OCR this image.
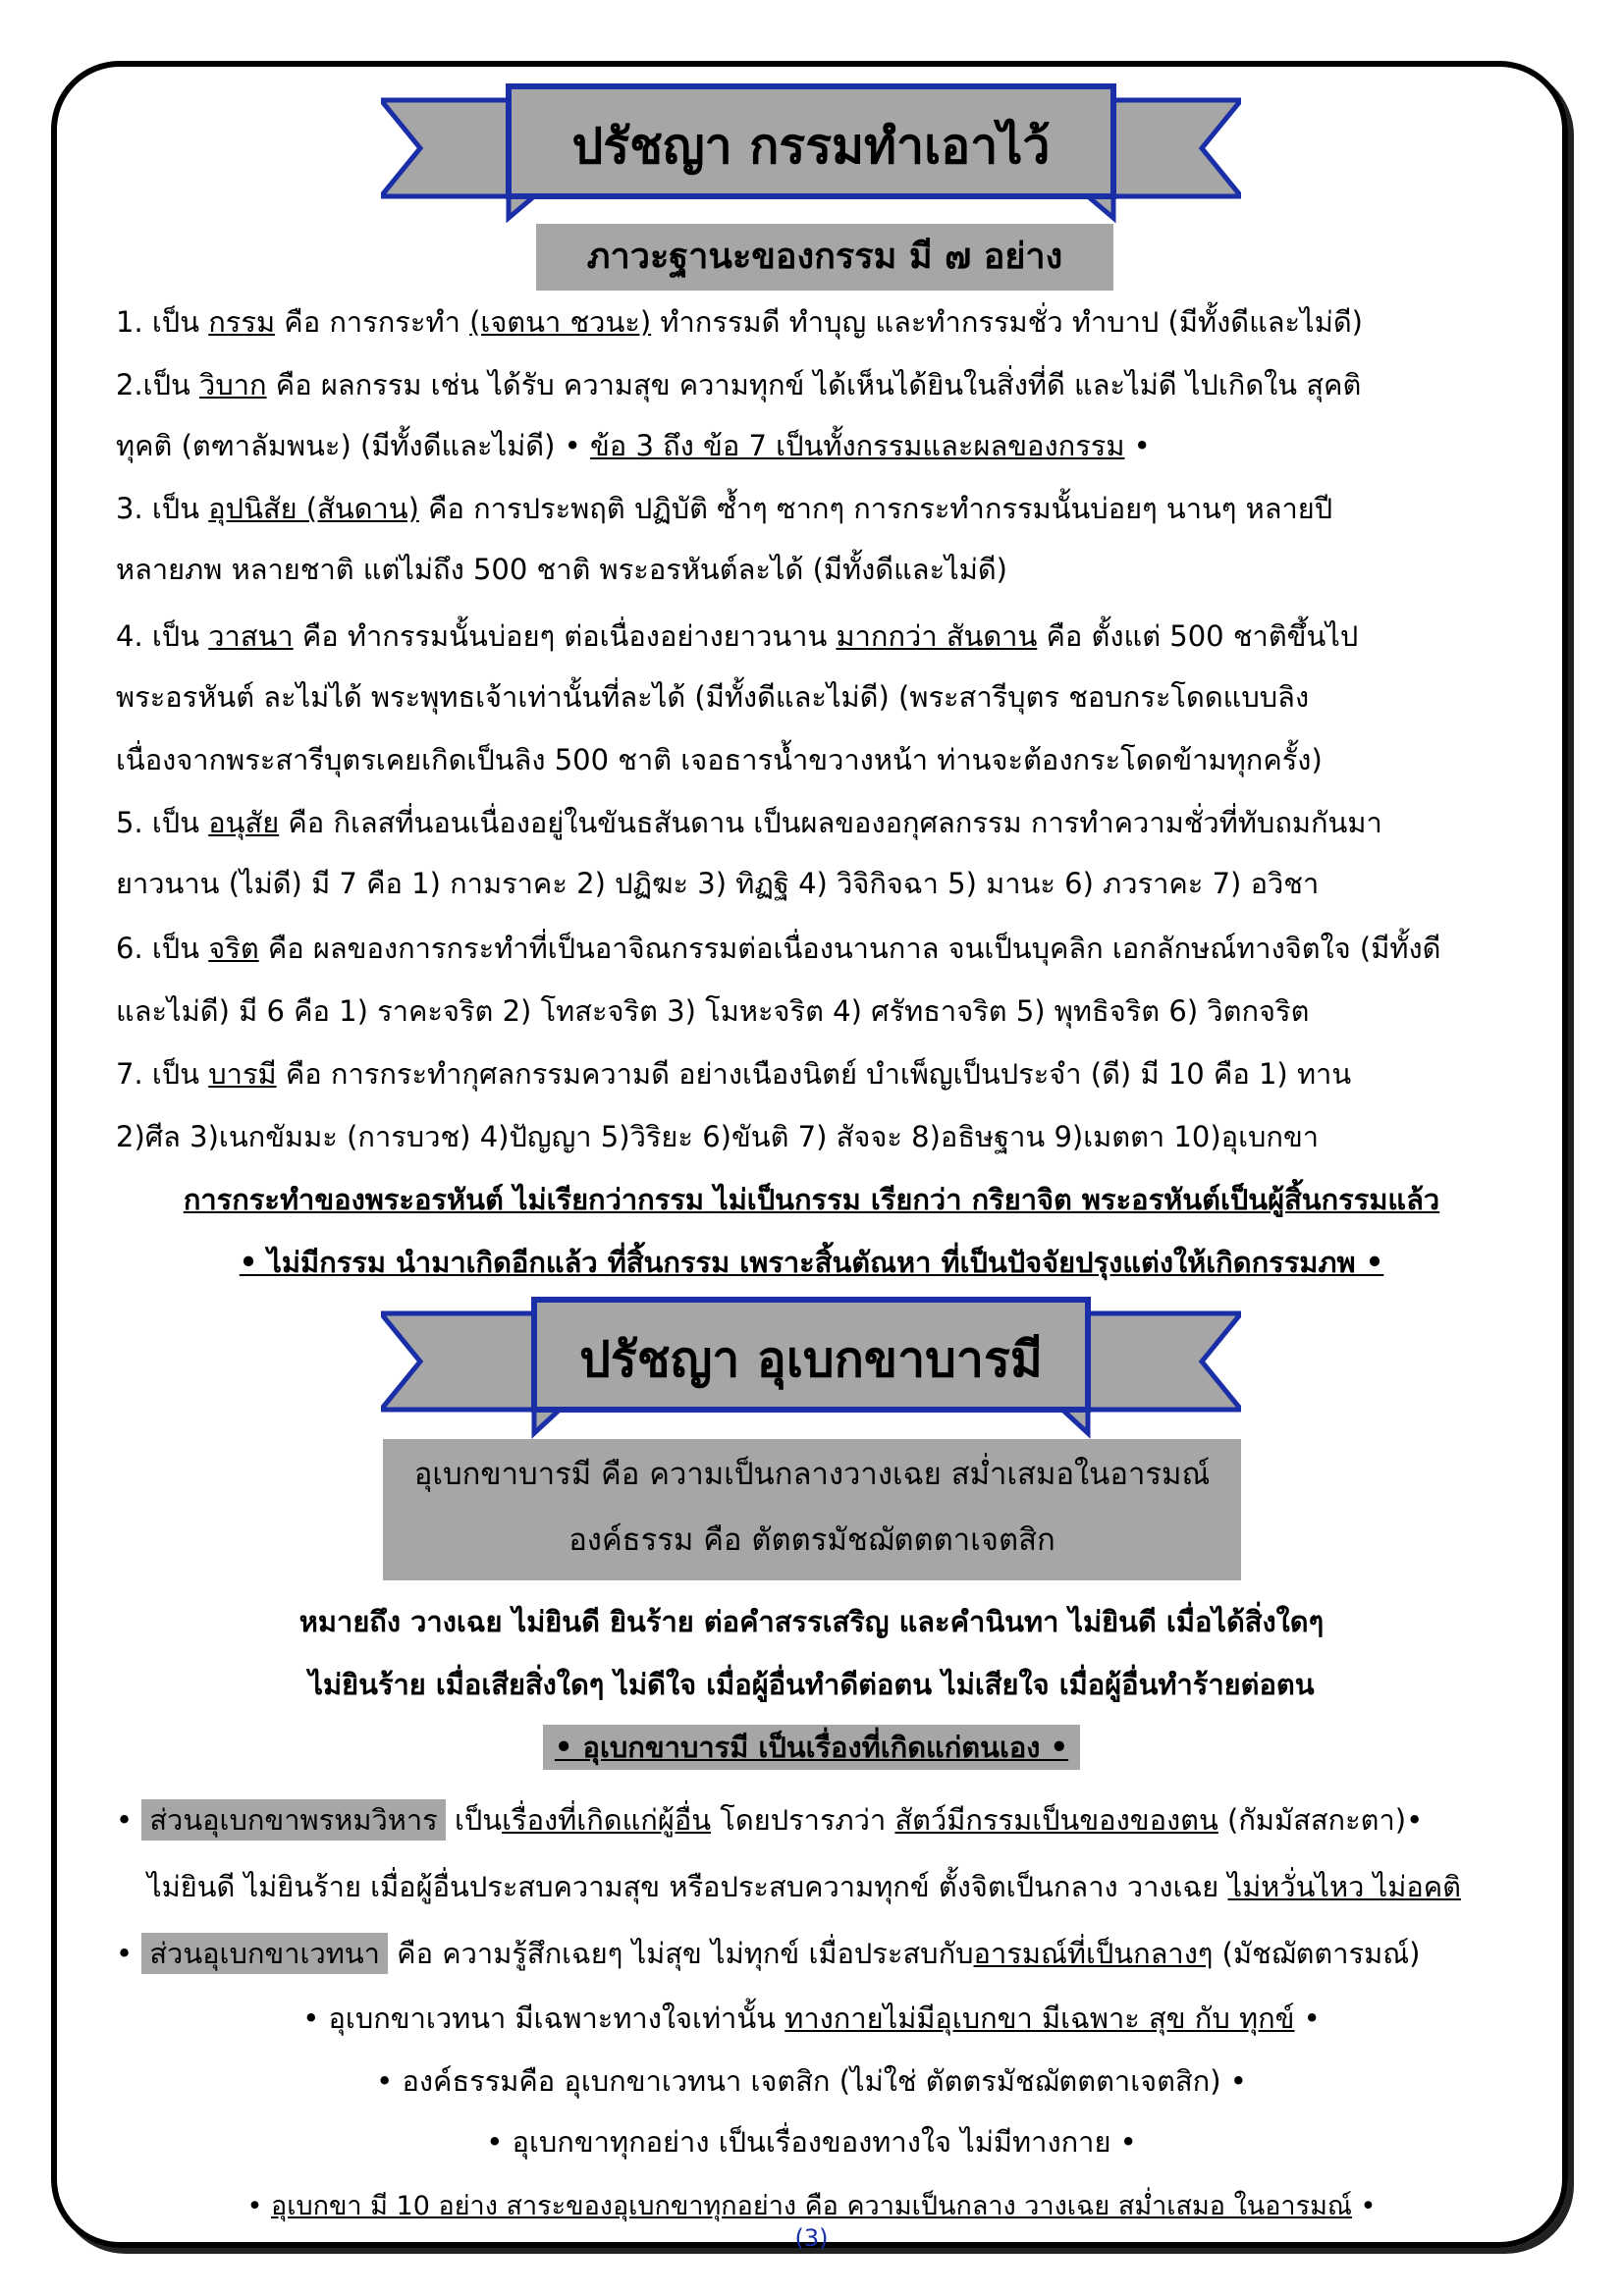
ปรัชญา กรรมทำเอาไว้
ภาวะฐานะของกรรม มี ๗ อย่าง
1. เป็น กรรม คือ การกระทำ (เจตนา ชวนะ) ทำกรรมดี ทำบุญ และทำกรรมชั่ว ทำบาป (มีทั้งดีและไม่ดี)
2.เป็น วิบาก คือ ผลกรรม เช่น ได้รับ ความสุข ความทุกข์ ได้เห็นได้ยินในสิ่งที่ดี และไม่ดี ไปเกิดใน สุคติ
ทุคติ (ตฑาลัมพนะ) (มีทั้งดีและไม่ดี) • ข้อ 3 ถึง ข้อ 7 เป็นทั้งกรรมและผลของกรรม •
3. เป็น อุปนิสัย (สันดาน) คือ การประพฤติ ปฏิบัติ ซ้ำๆ ซากๆ การกระทำกรรมนั้นบ่อยๆ นานๆ หลายปี
หลายภพ หลายชาติ แต่ไม่ถึง 500 ชาติ พระอรหันต์ละได้ (มีทั้งดีและไม่ดี)
4. เป็น วาสนา คือ ทำกรรมนั้นบ่อยๆ ต่อเนื่องอย่างยาวนาน มากกว่า สันดาน คือ ตั้งแต่ 500 ชาติขึ้นไป
พระอรหันต์ ละไม่ได้ พระพุทธเจ้าเท่านั้นที่ละได้ (มีทั้งดีและไม่ดี) (พระสารีบุตร ชอบกระโดดแบบลิง
เนื่องจากพระสารีบุตรเคยเกิดเป็นลิง 500 ชาติ เจอธารน้ำขวางหน้า ท่านจะต้องกระโดดข้ามทุกครั้ง)
5. เป็น อนุสัย คือ กิเลสที่นอนเนื่องอยู่ในขันธสันดาน เป็นผลของอกุศลกรรม การทำความชั่วที่ทับถมกันมา
ยาวนาน (ไม่ดี) มี 7 คือ 1) กามราคะ 2) ปฏิฆะ 3) ทิฏฐิ 4) วิจิกิจฉา 5) มานะ 6) ภวราคะ 7) อวิชา
6. เป็น จริต คือ ผลของการกระทำที่เป็นอาจิณกรรมต่อเนื่องนานกาล จนเป็นบุคลิก เอกลักษณ์ทางจิตใจ (มีทั้งดี
และไม่ดี) มี 6 คือ 1) ราคะจริต 2) โทสะจริต 3) โมหะจริต 4) ศรัทธาจริต 5) พุทธิจริต 6) วิตกจริต
7. เป็น บารมี คือ การกระทำกุศลกรรมความดี อย่างเนืองนิตย์ บำเพ็ญเป็นประจำ (ดี) มี 10 คือ 1) ทาน
2)ศีล 3)เนกขัมมะ (การบวช) 4)ปัญญา 5)วิริยะ 6)ขันติ 7) สัจจะ 8)อธิษฐาน 9)เมตตา 10)อุเบกขา
การกระทำของพระอรหันต์ ไม่เรียกว่ากรรม ไม่เป็นกรรม เรียกว่า กริยาจิต พระอรหันต์เป็นผู้สิ้นกรรมแล้ว
• ไม่มีกรรม นำมาเกิดอีกแล้ว ที่สิ้นกรรม เพราะสิ้นตัณหา ที่เป็นปัจจัยปรุงแต่งให้เกิดกรรมภพ •
ปรัชญา อุเบกขาบารมี
อุเบกขาบารมี คือ ความเป็นกลางวางเฉย สม่ำเสมอในอารมณ์
องค์ธรรม คือ ตัตตรมัชฌัตตตาเจตสิก
หมายถึง วางเฉย ไม่ยินดี ยินร้าย ต่อคำสรรเสริญ และคำนินทา ไม่ยินดี เมื่อได้สิ่งใดๆ
ไม่ยินร้าย เมื่อเสียสิ่งใดๆ ไม่ดีใจ เมื่อผู้อื่นทำดีต่อตน ไม่เสียใจ เมื่อผู้อื่นทำร้ายต่อตน
• อุเบกขาบารมี เป็นเรื่องที่เกิดแก่ตนเอง •
• ส่วนอุเบกขาพรหมวิหาร เป็นเรื่องที่เกิดแก่ผู้อื่น โดยปรารภว่า สัตว์มีกรรมเป็นของของตน (กัมมัสสกะตา)•
ไม่ยินดี ไม่ยินร้าย เมื่อผู้อื่นประสบความสุข หรือประสบความทุกข์ ตั้งจิตเป็นกลาง วางเฉย ไม่หวั่นไหว ไม่อคติ
• ส่วนอุเบกขาเวทนา คือ ความรู้สึกเฉยๆ ไม่สุข ไม่ทุกข์ เมื่อประสบกับอารมณ์ที่เป็นกลางๆ (มัชฌัตตารมณ์)
• อุเบกขาเวทนา มีเฉพาะทางใจเท่านั้น ทางกายไม่มีอุเบกขา มีเฉพาะ สุข กับ ทุกข์ •
• องค์ธรรมคือ อุเบกขาเวทนา เจตสิก (ไม่ใช่ ตัตตรมัชฌัตตตาเจตสิก) •
• อุเบกขาทุกอย่าง เป็นเรื่องของทางใจ ไม่มีทางกาย •
• อุเบกขา มี 10 อย่าง สาระของอุเบกขาทุกอย่าง คือ ความเป็นกลาง วางเฉย สม่ำเสมอ ในอารมณ์ •
(3)
